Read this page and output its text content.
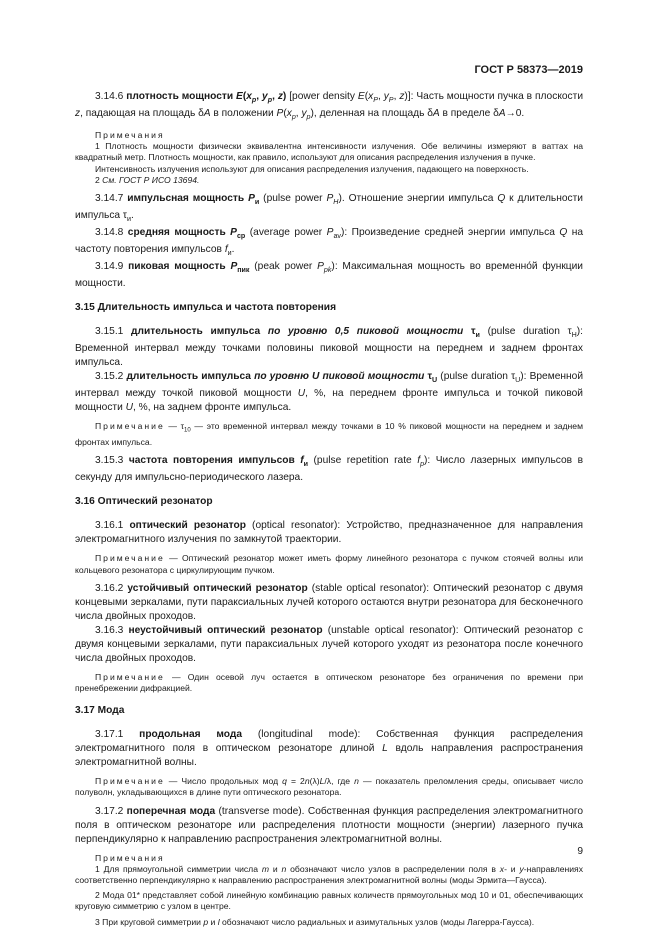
ГОСТ Р 58373—2019

3.14.6 плотность мощности $E(x_p$, $y_p$, z) [power density $E(x_P$, $y_P$, z)]: Часть мощности пучка в плоскости z, падающая на площадь δA в положении $P(x_p$, $y_p$), деленная на площадь δA в пределе δA→0.

Примечания

1 Плотность мощности физически эквивалентна интенсивности излучения. Обе величины измеряют в ваттах на квадратный метр. Плотность мощности, как правило, используют для описания распределения излучения в пучке.

Интенсивность излучения используют для описания распределения излучения, падающего на поверхность.

2 См. ГОСТ Р ИСО 13694.

3.14.7 импульсная мощность $P_и$ (pulse power $P_H$). Отношение энергии импульса Q к длительности импульса $\tau_и$.

3.14.8 средняя мощность $P_{ср}$ (average power $P_{av}$): Произведение средней энергии импульса Q на частоту повторения импульсов $f_и$.

3.14.9 пиковая мощность $P_{пик}$ (peak power $P_{pk}$): Максимальная мощность во временно́й функции мощности.

3.15 Длительность импульса и частота повторения

3.15.1 длительность импульса по уровню 0,5 пиковой мощности $\tau_и$ (pulse duration $\tau_H$): Временной интервал между точками половины пиковой мощности на переднем и заднем фронтах импульса.

3.15.2 длительность импульса по уровню U пиковой мощности $\tau_U$ (pulse duration $\tau_U$): Временной интервал между точкой пиковой мощности U, %, на переднем фронте импульса и точкой пиковой мощности U, %, на заднем фронте импульса.

Примечание — $\tau_{10}$ — это временной интервал между точками в 10 % пиковой мощности на переднем и заднем фронтах импульса.

3.15.3 частота повторения импульсов $f_и$ (pulse repetition rate $f_p$): Число лазерных импульсов в секунду для импульсно-периодического лазера.

3.16 Оптический резонатор

3.16.1 оптический резонатор (optical resonator): Устройство, предназначенное для направления электромагнитного излучения по замкнутой траектории.

Примечание — Оптический резонатор может иметь форму линейного резонатора с пучком стоячей волны или кольцевого резонатора с циркулирующим пучком.

3.16.2 устойчивый оптический резонатор (stable optical resonator): Оптический резонатор с двумя концевыми зеркалами, пути параксиальных лучей которого остаются внутри резонатора для бесконечного числа двойных проходов.

3.16.3 неустойчивый оптический резонатор (unstable optical resonator): Оптический резонатор с двумя концевыми зеркалами, пути параксиальных лучей которого уходят из резонатора после конечного числа двойных проходов.

Примечание — Один осевой луч остается в оптическом резонаторе без ограничения по времени при пренебрежении дифракцией.

3.17 Мода

3.17.1 продольная мода (longitudinal mode): Собственная функция распределения электромагнитного поля в оптическом резонаторе длиной L вдоль направления распространения электромагнитной волны.

Примечание — Число продольных мод q = 2n(λ)L/λ, где n — показатель преломления среды, описывает число полуволн, укладывающихся в длине пути оптического резонатора.

3.17.2 поперечная мода (transverse mode). Собственная функция распределения электромагнитного поля в оптическом резонаторе или распределения плотности мощности (энергии) лазерного пучка перпендикулярно к направлению распространения электромагнитной волны.

Примечания

1 Для прямоугольной симметрии числа m и n обозначают число узлов в распределении поля в x- и y-направлениях соответственно перпендикулярно к направлению распространения электромагнитной волны (моды Эрмита—Гаусса).

2 Мода 01* представляет собой линейную комбинацию равных количеств прямоугольных мод 10 и 01, обеспечивающих круговую симметрию с узлом в центре.

3 При круговой симметрии p и l обозначают число радиальных и азимутальных узлов (моды Лагерра-Гаусса).

9
